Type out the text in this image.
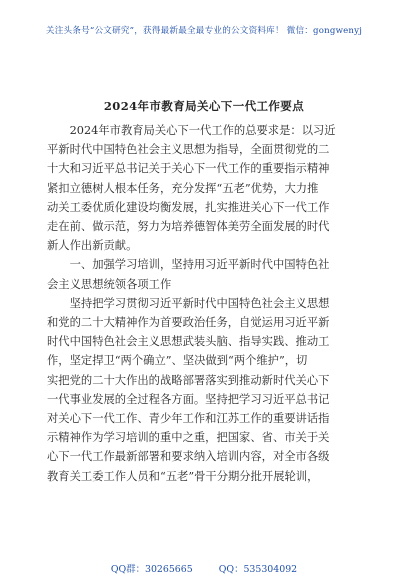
关注头条号“公文研究”，获得最新最全最专业的公文资料库！ 微信：gongwenyj
2024年市教育局关心下一代工作要点
　　2024年市教育局关心下一代工作的总要求是：以习近
平新时代中国特色社会主义思想为指导，全面贯彻党的二
十大和习近平总书记关于关心下一代工作的重要指示精神
紧扣立德树人根本任务，充分发挥“五老”优势，大力推
动关工委优质化建设均衡发展，扎实推进关心下一代工作
走在前、做示范，努力为培养德智体美劳全面发展的时代
新人作出新贡献。
　　一、加强学习培训，坚持用习近平新时代中国特色社
会主义思想统领各项工作
　　坚持把学习贯彻习近平新时代中国特色社会主义思想
和党的二十大精神作为首要政治任务，自觉运用习近平新
时代中国特色社会主义思想武装头脑、指导实践、推动工
作，坚定捍卫“两个确立”、坚决做到“两个维护”，切
实把党的二十大作出的战略部署落实到推动新时代关心下
一代事业发展的全过程各方面。坚持把学习习近平总书记
对关心下一代工作、青少年工作和江苏工作的重要讲话指
示精神作为学习培训的重中之重，把国家、省、市关于关
心下一代工作最新部署和要求纳入培训内容，对全市各级
教育关工委工作人员和“五老”骨干分期分批开展轮训，
QQ群：30265665	QQ：535304092
